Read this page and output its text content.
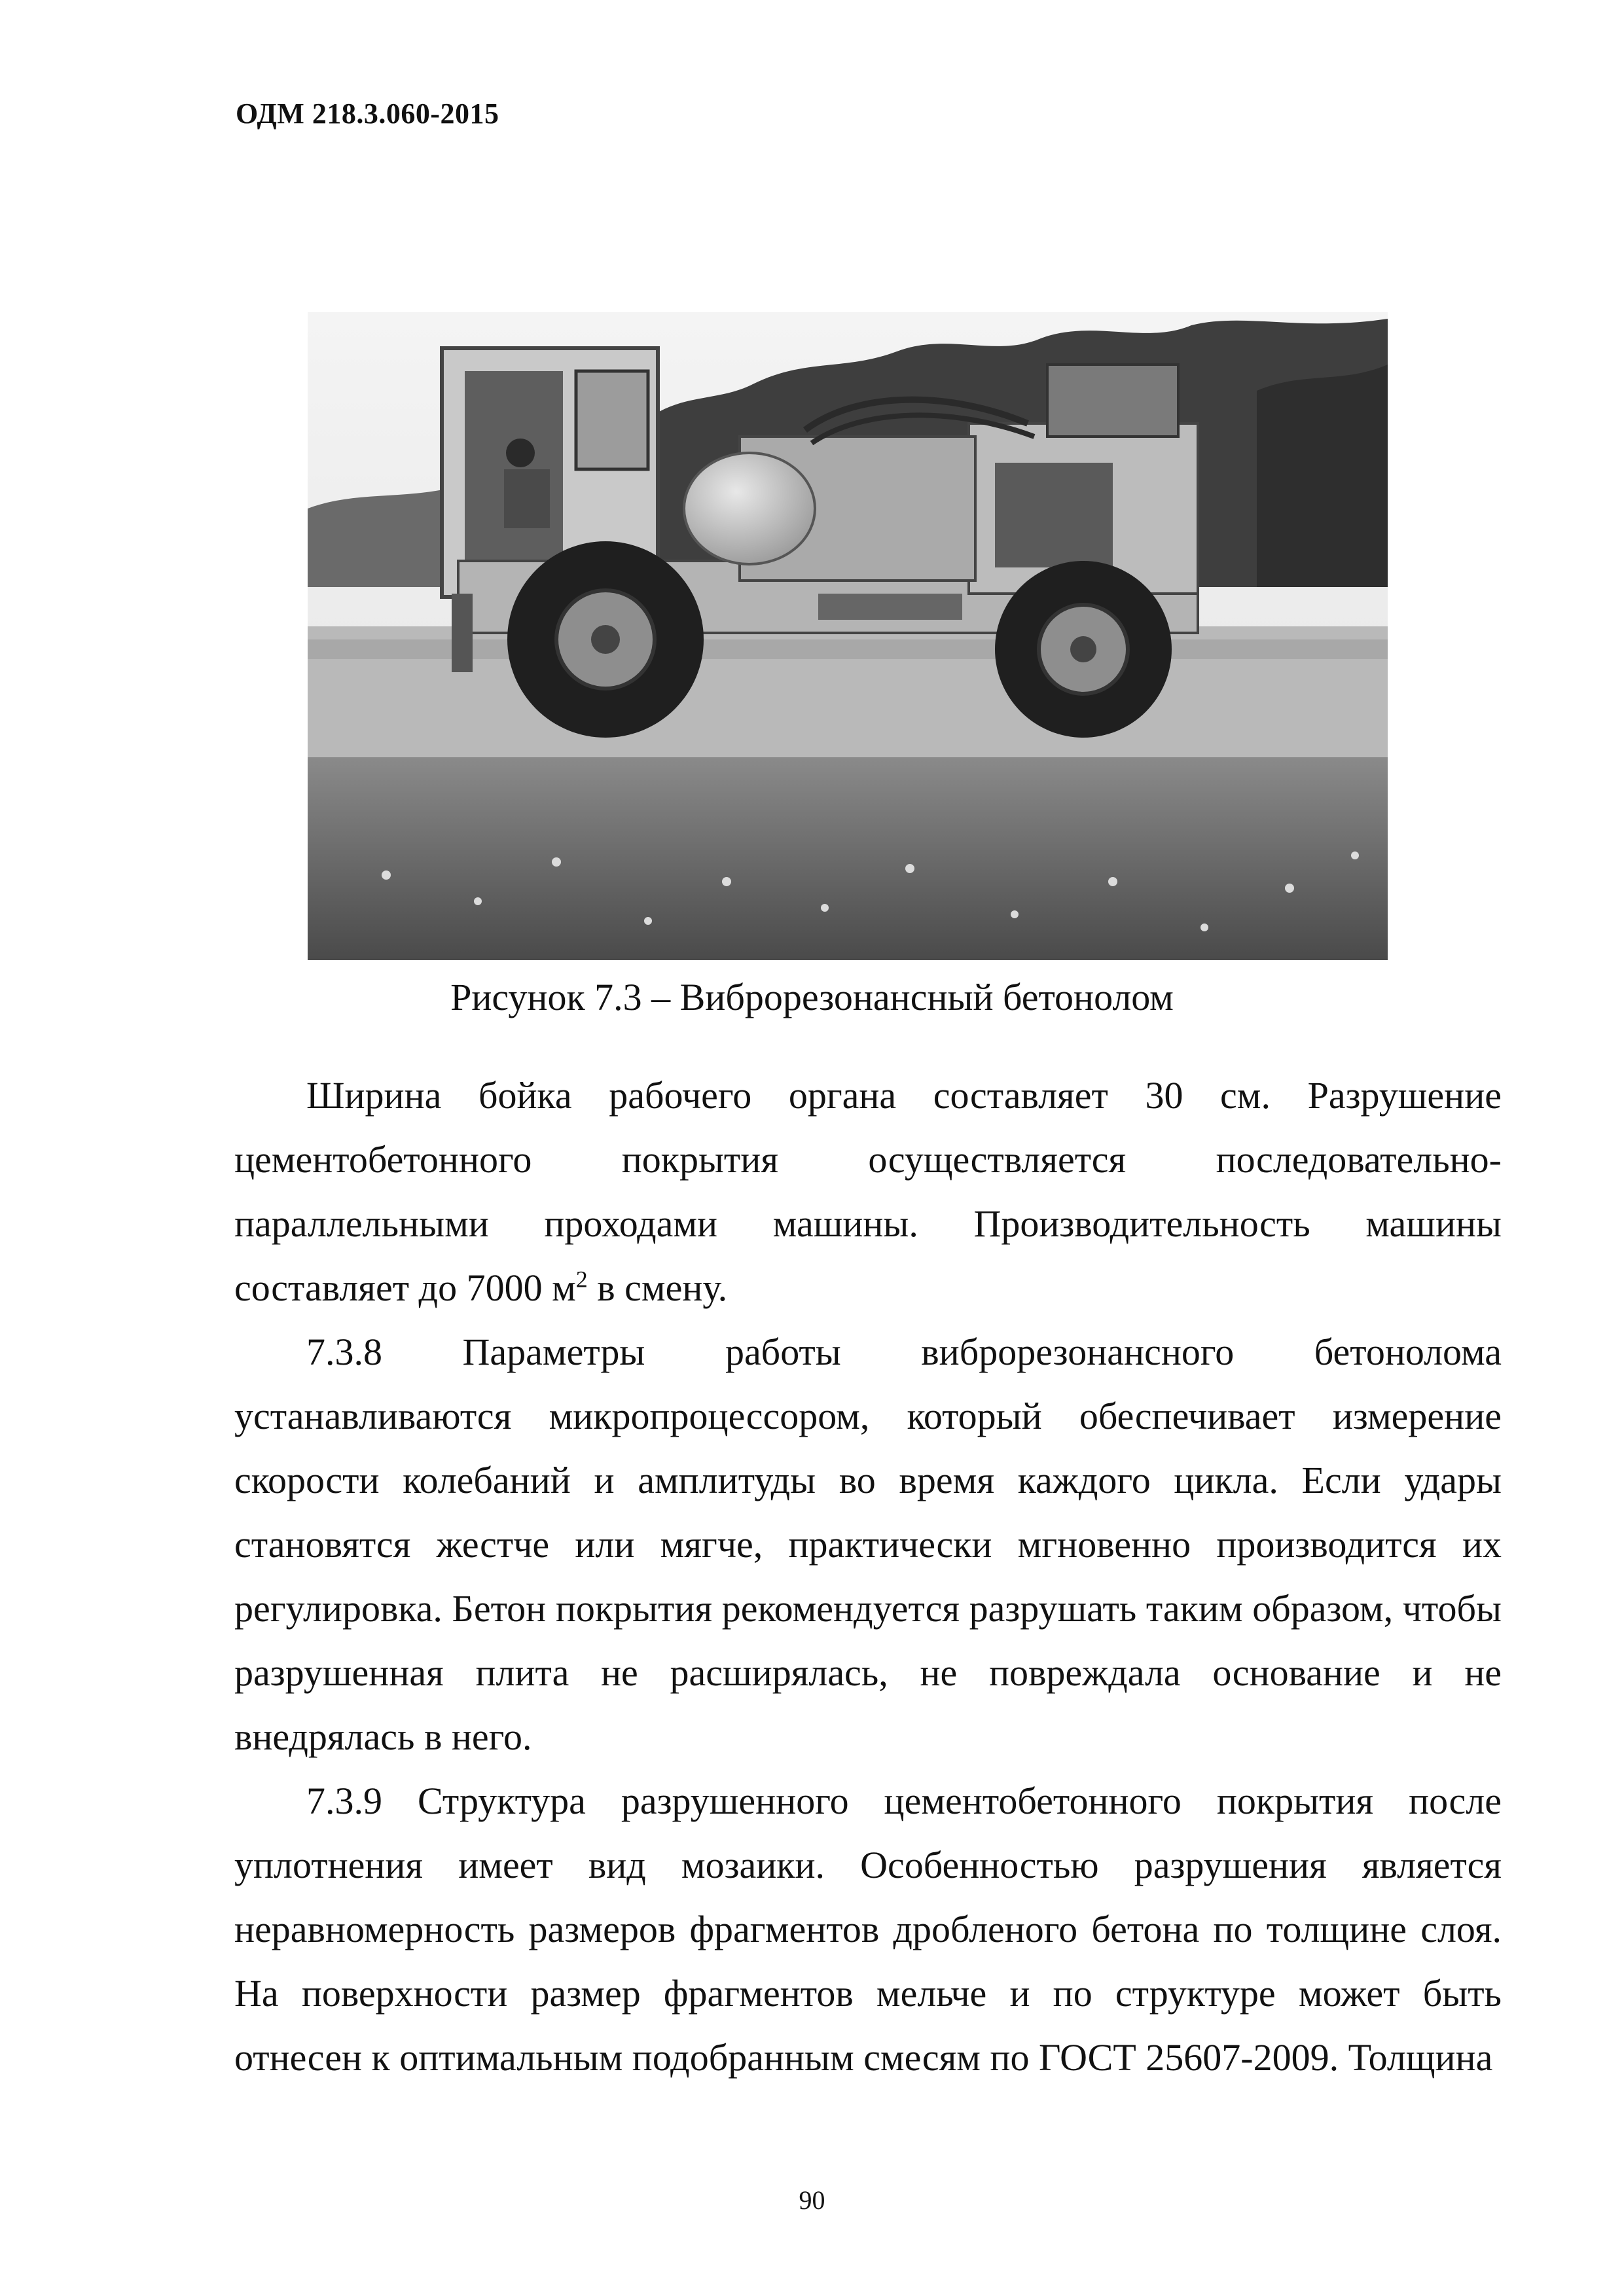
ОДМ 218.3.060-2015
Рисунок 7.3 – Виброрезонансный бетонолом

Ширина бойка рабочего органа составляет 30 см. Разрушение цементобетонного покрытия осуществляется последовательно-параллельными проходами машины. Производительность машины составляет до 7000 $м^2$ в смену.

7.3.8 Параметры работы виброрезонансного бетонолома

устанавливаются микропроцессором, который обеспечивает измерение скорости колебаний и амплитуды во время каждого цикла. Если удары становятся жестче или мягче, практически мгновенно производится их регулировка. Бетон покрытия рекомендуется разрушать таким образом, чтобы разрушенная плита не расширялась, не повреждала основание и не внедрялась в него.

7.3.9 Структура разрушенного цементобетонного покрытия после уплотнения имеет вид мозаики. Особенностью разрушения является неравномерность размеров фрагментов дробленого бетона по толщине слоя. На поверхности размер фрагментов мельче и по структуре может быть отнесен к оптимальным подобранным смесям по ГОСТ 25607-2009. Толщина

90
